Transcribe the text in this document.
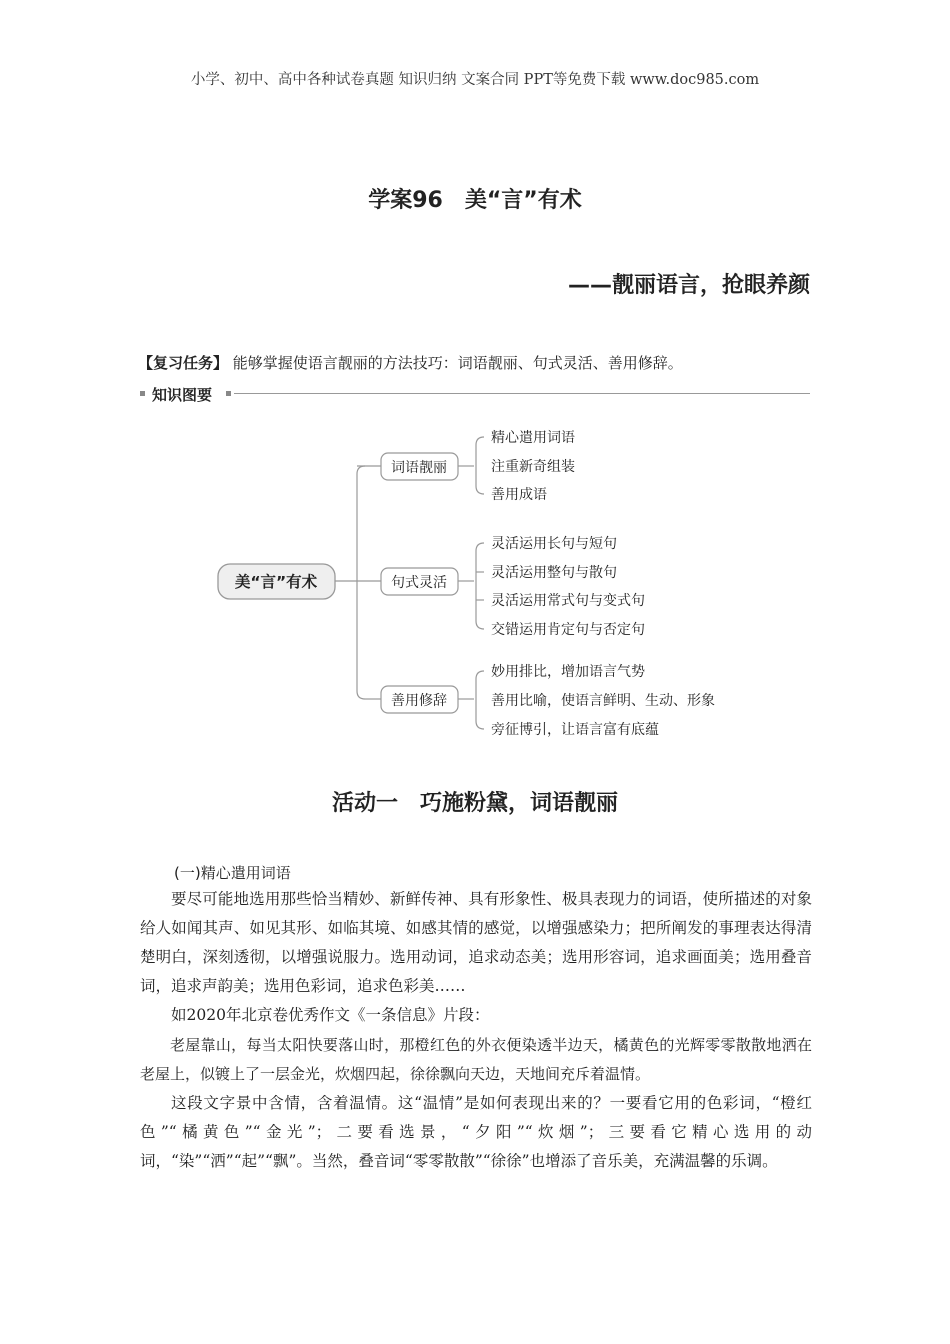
小学、初中、高中各种试卷真题 知识归纳 文案合同 PPT等免费下载 www.doc985.com
学案96　美“言”有术
——靓丽语言，抢眼养颜
【复习任务】 能够掌握使语言靓丽的方法技巧：词语靓丽、句式灵活、善用修辞。
知识图要
美“言”有术
词语靓丽
句式灵活
善用修辞
精心遣用词语
注重新奇组装
善用成语
灵活运用长句与短句
灵活运用整句与散句
灵活运用常式句与变式句
交错运用肯定句与否定句
妙用排比，增加语言气势
善用比喻，使语言鲜明、生动、形象
旁征博引，让语言富有底蕴
活动一　巧施粉黛，词语靓丽
(一)精心遣用词语
要尽可能地选用那些恰当精妙、新鲜传神、具有形象性、极具表现力的词语，使所描述的对象给人如闻其声、如见其形、如临其境、如感其情的感觉，以增强感染力；把所阐发的事理表达得清楚明白，深刻透彻，以增强说服力。选用动词，追求动态美；选用形容词，追求画面美；选用叠音词，追求声韵美；选用色彩词，追求色彩美……
如2020年北京卷优秀作文《一条信息》片段：
老屋靠山，每当太阳快要落山时，那橙红色的外衣便染透半边天，橘黄色的光辉零零散散地洒在老屋上，似镀上了一层金光，炊烟四起，徐徐飘向天边，天地间充斥着温情。
这段文字景中含情，含着温情。这“温情”是如何表现出来的？一要看它用的色彩词，“橙红色”“橘黄色”“金光”；二要看选景，“夕阳”“炊烟”；三要看它精心选用的动词，“染”“洒”“起”“飘”。当然，叠音词“零零散散”“徐徐”也增添了音乐美，充满温馨的乐调。
